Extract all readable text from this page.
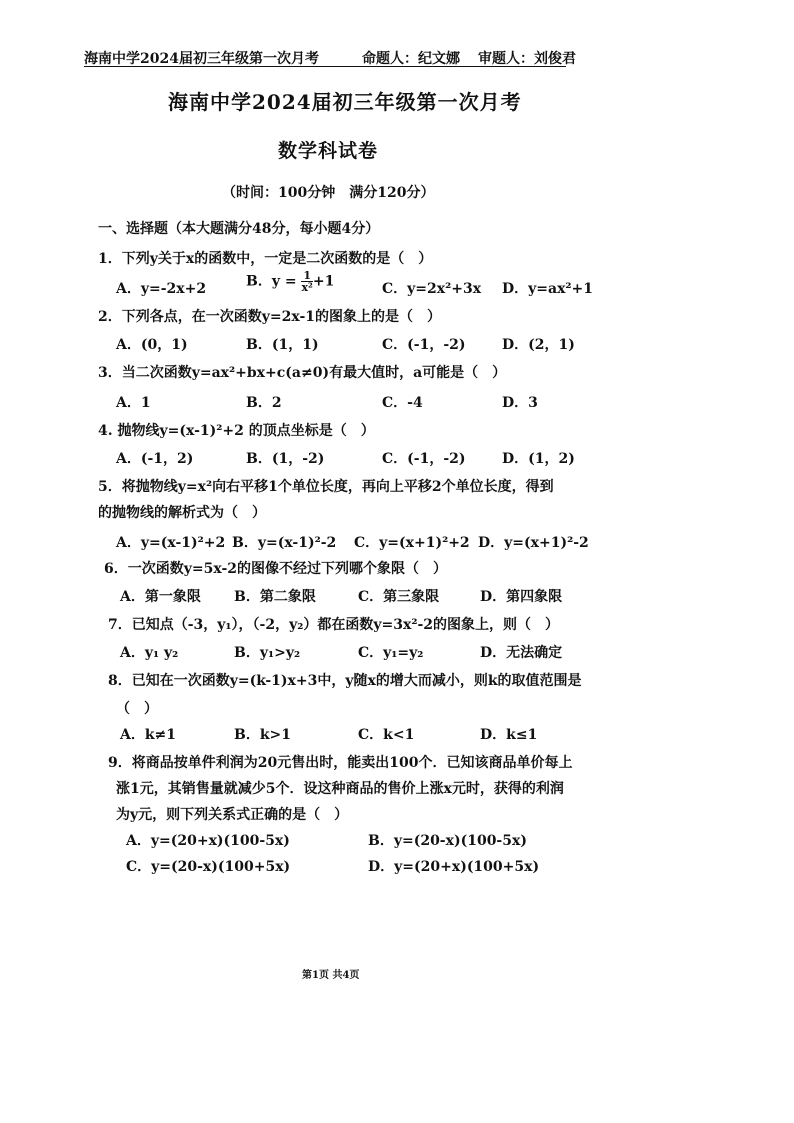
海南中学2024届初三年级第一次月考	命题人：纪文娜 审题人：刘俊君
海南中学2024届初三年级第一次月考
数学科试卷
（时间：100分钟　满分120分）
一、选择题（本大题满分48分，每小题4分）
1．下列y关于x的函数中，一定是二次函数的是（　）
A．y=-2x+2	B．$y = \frac{1}{\text{x²}} +1$	C．y=2x²+3x D．y=ax²+1
2．下列各点，在一次函数y=2x-1的图象上的是（　）
A．(0，1)	B．(1，1)	C．(-1，-2)	D．(2，1)
3．当二次函数y=ax²+bx+c(a≠0)有最大值时，a可能是（　）
A．1	B．2	C．-4	D．3
4. 抛物线y=(x-1)²+2 的顶点坐标是（　）
A．(-1，2)	B．(1，-2)	C．(-1，-2)	D．(1，2)
5．将抛物线y=x²向右平移1个单位长度，再向上平移2个单位长度，得到
的抛物线的解析式为（　）
A．y=(x-1)²+2 B．y=(x-1)²-2 C．y=(x+1)²+2 D．y=(x+1)²-2
6．一次函数y=5x-2的图像不经过下列哪个象限（　）
A．第一象限 B．第二象限	C．第三象限	D．第四象限
7．已知点（-3，y₁），（-2，y₂）都在函数y=3x²-2的图象上，则（　）
A．y₁ y₂	B．y₁>y₂	C．y₁=y₂	D．无法确定
8．已知在一次函数y=(k-1)x+3中，y随x的增大而减小，则k的取值范围是
（　）
A．k≠1	B．k>1	C．k<1	D．k≤1
9．将商品按单件利润为20元售出时，能卖出100个．已知该商品单价每上
涨1元，其销售量就减少5个．设这种商品的售价上涨x元时，获得的利润
为y元，则下列关系式正确的是（　）
A．y=(20+x)(100-5x)	B．y=(20-x)(100-5x)
C．y=(20-x)(100+5x)	D．y=(20+x)(100+5x)
第1页 共4页
